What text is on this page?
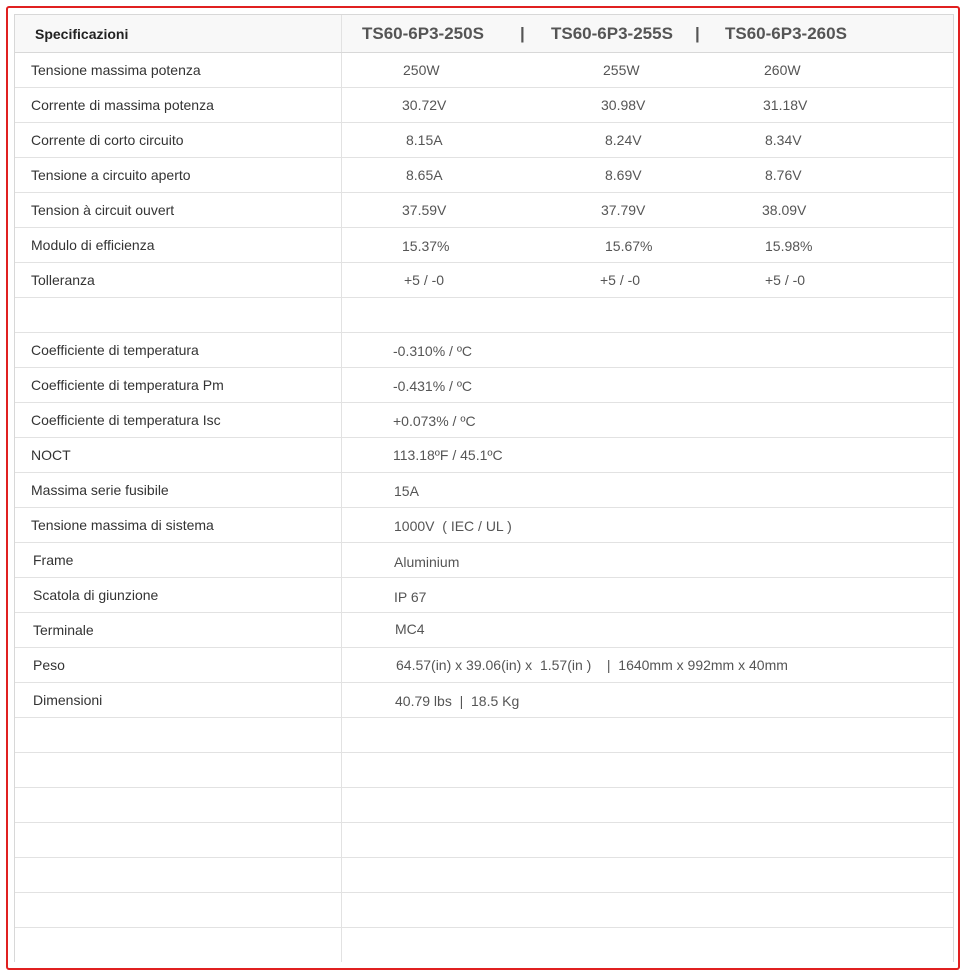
Specificazioni	TS60-6P3-250S | TS60-6P3-255S | TS60-6P3-260S
Tensione massima potenza	250W	255W	260W
Corrente di massima potenza	30.72V	30.98V	31.18V
Corrente di corto circuito	8.15A	8.24V	8.34V
Tensione a circuito aperto	8.65A	8.69V	8.76V
Tension à circuit ouvert	37.59V	37.79V	38.09V
Modulo di efficienza	15.37%	15.67%	15.98%
Tolleranza	+5 / -0	+5 / -0	+5 / -0
Coefficiente di temperatura	-0.310% / ºC
Coefficiente di temperatura Pm	-0.431% / ºC
Coefficiente di temperatura Isc	+0.073% / ºC
NOCT	113.18ºF / 45.1ºC
Massima serie fusibile	15A
Tensione massima di sistema	1000V  ( IEC / UL )
Frame	Aluminium
Scatola di giunzione	IP 67
Terminale	MC4
Peso	64.57(in) x 39.06(in) x  1.57(in )    |  1640mm x 992mm x 40mm
Dimensioni	40.79 lbs  |  18.5 Kg
